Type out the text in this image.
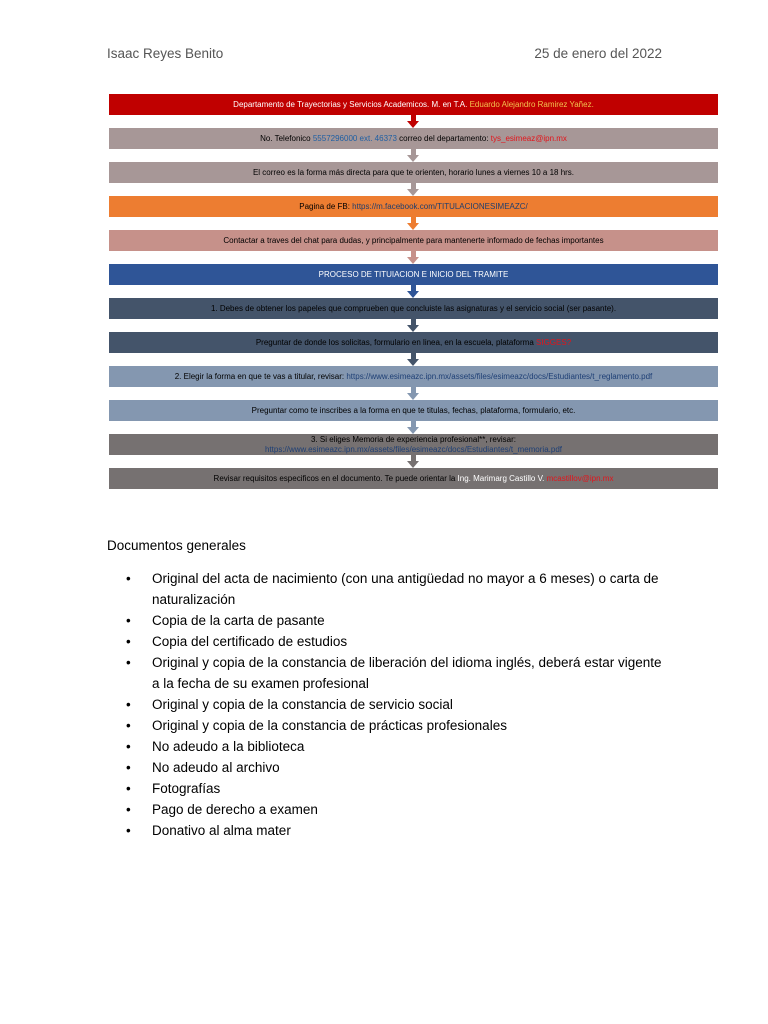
Isaac Reyes Benito	25 de enero del 2022
Departamento de Trayectorias y Servicios Academicos. M. en T.A. Eduardo Alejandro Ramirez Yañez.
No. Telefonico 5557296000 ext. 46373 correo del departamento: tys_esimeaz@ipn.mx
El correo es la forma más directa para que te orienten, horario lunes a viernes 10 a 18 hrs.
Pagina de FB: https://m.facebook.com/TITULACIONESIMEAZC/
Contactar a traves del chat para dudas, y principalmente para mantenerte informado de fechas importantes
PROCESO DE TITUIACION E INICIO DEL TRAMITE
1. Debes de obtener los papeles que comprueben que concluiste las asignaturas y el servicio social (ser pasante).
Preguntar de donde los solicitas, formulario en linea, en la escuela, plataforma SIGGES?
2. Elegir la forma en que te vas a titular, revisar: https://www.esimeazc.ipn.mx/assets/files/esimeazc/docs/Estudiantes/t_reglamento.pdf
Preguntar como te inscribes a la forma en que te titulas, fechas, plataforma, formulario, etc.
3. Si eliges Memoria de experiencia profesional**, revisar:
https://www.esimeazc.ipn.mx/assets/files/esimeazc/docs/Estudiantes/t_memoria.pdf
Revisar requisitos especificos en el documento. Te puede orientar la Ing. Marimarg Castillo V. mcastillov@ipn.mx
Documentos generales
• Original del acta de nacimiento (con una antigüedad no mayor a 6 meses) o carta de naturalización
• Copia de la carta de pasante
• Copia del certificado de estudios
• Original y copia de la constancia de liberación del idioma inglés, deberá estar vigente a la fecha de su examen profesional
• Original y copia de la constancia de servicio social
• Original y copia de la constancia de prácticas profesionales
• No adeudo a la biblioteca
• No adeudo al archivo
• Fotografías
• Pago de derecho a examen
• Donativo al alma mater
